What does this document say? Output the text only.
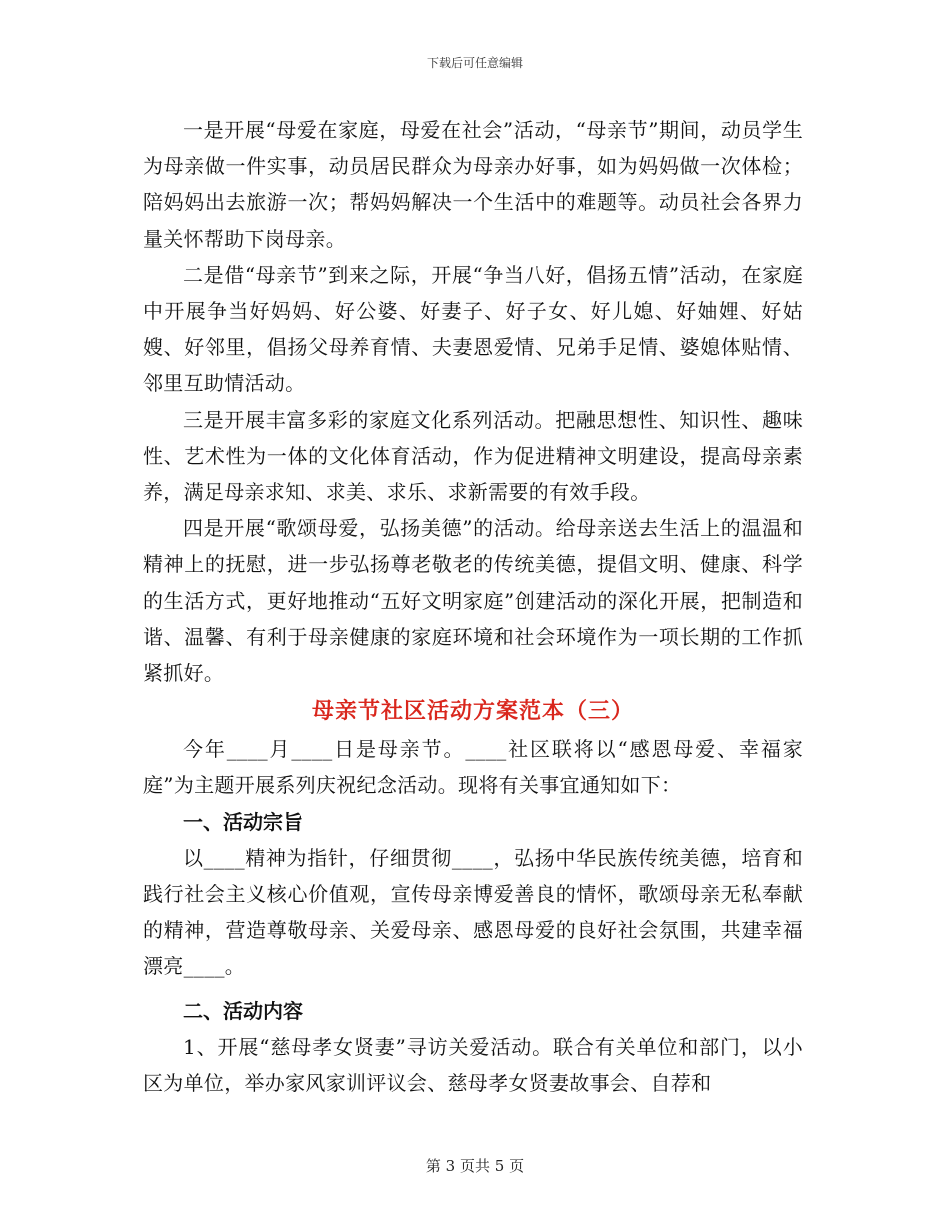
下载后可任意编辑

一是开展“母爱在家庭，母爱在社会”活动，“母亲节”期间，动员学生为母亲做一件实事，动员居民群众为母亲办好事，如为妈妈做一次体检；陪妈妈出去旅游一次；帮妈妈解决一个生活中的难题等。动员社会各界力量关怀帮助下岗母亲。

二是借“母亲节”到来之际，开展“争当八好，倡扬五情”活动，在家庭中开展争当好妈妈、好公婆、好妻子、好子女、好儿媳、好妯娌、好姑嫂、好邻里，倡扬父母养育情、夫妻恩爱情、兄弟手足情、婆媳体贴情、邻里互助情活动。

三是开展丰富多彩的家庭文化系列活动。把融思想性、知识性、趣味性、艺术性为一体的文化体育活动，作为促进精神文明建设，提高母亲素养，满足母亲求知、求美、求乐、求新需要的有效手段。

四是开展“歌颂母爱，弘扬美德”的活动。给母亲送去生活上的温温和精神上的抚慰，进一步弘扬尊老敬老的传统美德，提倡文明、健康、科学的生活方式，更好地推动“五好文明家庭”创建活动的深化开展，把制造和谐、温馨、有利于母亲健康的家庭环境和社会环境作为一项长期的工作抓紧抓好。

母亲节社区活动方案范本（三）

今年____月____日是母亲节。____社区联将以“感恩母爱、幸福家庭”为主题开展系列庆祝纪念活动。现将有关事宜通知如下：

一、活动宗旨

以____精神为指针，仔细贯彻____，弘扬中华民族传统美德，培育和践行社会主义核心价值观，宣传母亲博爱善良的情怀，歌颂母亲无私奉献的精神，营造尊敬母亲、关爱母亲、感恩母爱的良好社会氛围，共建幸福漂亮____。

二、活动内容

1、开展“慈母孝女贤妻”寻访关爱活动。联合有关单位和部门，以小区为单位，举办家风家训评议会、慈母孝女贤妻故事会、自荐和

第 3 页共 5 页
